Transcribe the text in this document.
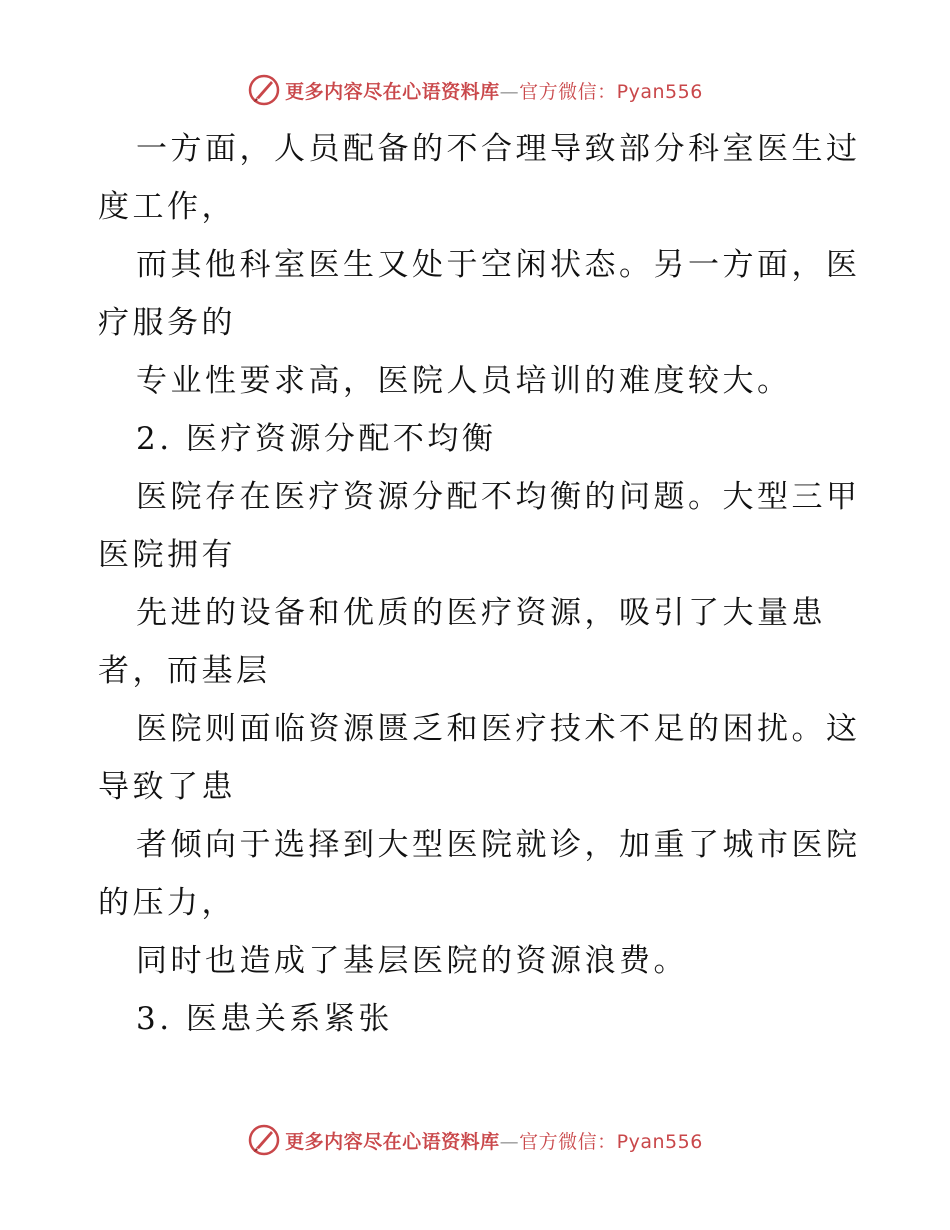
更多内容尽在心语资料库—官方微信：Pyan556
一方面，人员配备的不合理导致部分科室医生过
度工作，
而其他科室医生又处于空闲状态。另一方面，医
疗服务的
专业性要求高，医院人员培训的难度较大。
2. 医疗资源分配不均衡
医院存在医疗资源分配不均衡的问题。大型三甲
医院拥有
先进的设备和优质的医疗资源，吸引了大量患
者，而基层
医院则面临资源匮乏和医疗技术不足的困扰。这
导致了患
者倾向于选择到大型医院就诊，加重了城市医院
的压力，
同时也造成了基层医院的资源浪费。
3. 医患关系紧张
更多内容尽在心语资料库—官方微信：Pyan556
